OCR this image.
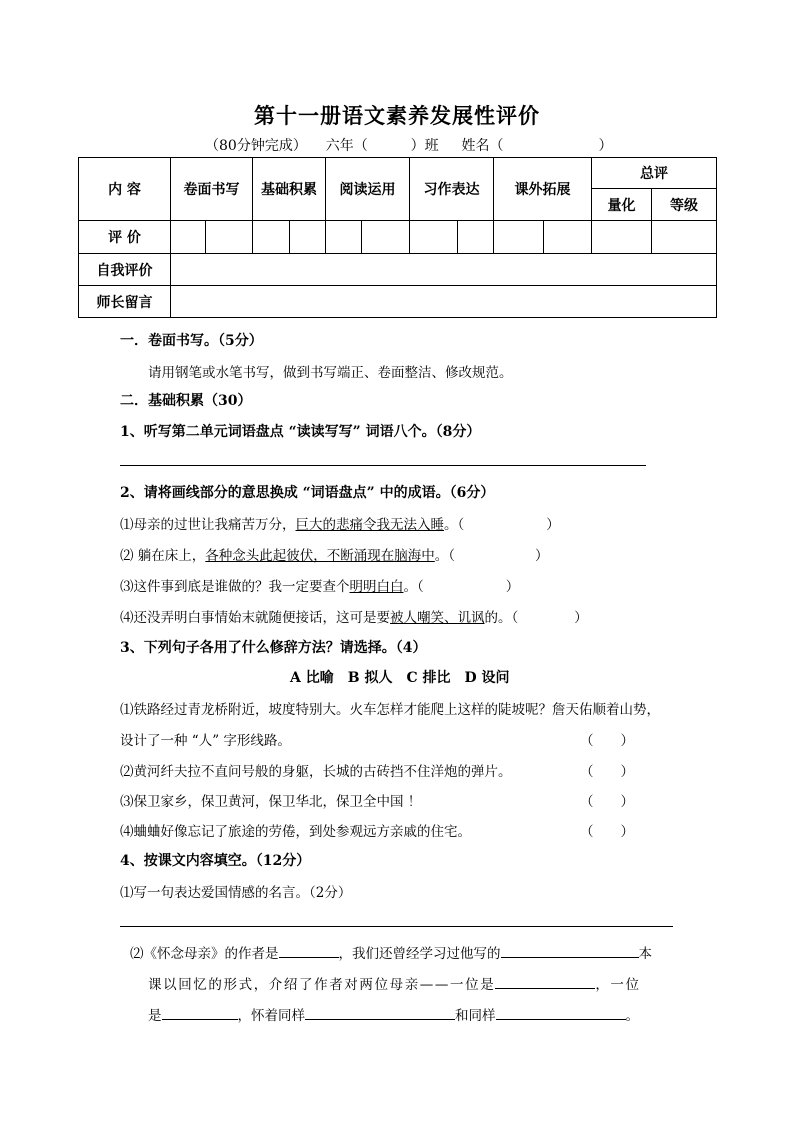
第十一册语文素养发展性评价
（80分钟完成） 六年（	）班 姓名（	）
内 容	卷面书写		基础积累		阅读运用		习作表达		课外拓展		总评	
											量化	等级
评 价												
自我评价												
师长留言												
一．卷面书写。（5分）
请用钢笔或水笔书写，做到书写端正、卷面整洁、修改规范。
二．基础积累（30）
1、听写第二单元词语盘点 “读读写写” 词语八个。（8分）
2、请将画线部分的意思换成 “词语盘点” 中的成语。（6分）
⑴母亲的过世让我痛苦万分，巨大的悲痛令我无法入睡。（	）
⑵ 躺在床上，各种念头此起彼伏，不断涌现在脑海中。（	）
⑶这件事到底是谁做的？我一定要查个明明白白。（	）
⑷还没弄明白事情始末就随便接话，这可是要被人嘲笑、讥讽的。（	）
3、下列句子各用了什么修辞方法？请选择。（4）
A 比喻　B 拟人　C 排比　D 设问
⑴铁路经过青龙桥附近，坡度特别大。火车怎样才能爬上这样的陡坡呢？詹天佑顺着山势，
设计了一种 “人” 字形线路。	（　　）
⑵黄河纤夫拉不直问号般的身躯，长城的古砖挡不住洋炮的弹片。	（　　）
⑶保卫家乡，保卫黄河，保卫华北，保卫全中国 ！	（　　）
⑷蛐蛐好像忘记了旅途的劳倦，到处参观远方亲戚的住宅。	（　　）
4、按课文内容填空。（12分）
⑴写一句表达爱国情感的名言。（2分）
⑵《怀念母亲》的作者是	，我们还曾经学习过他写的	本
课以回忆的形式，介绍了作者对两位母亲——一位是	，一位
是	，怀着同样	和同样	。
